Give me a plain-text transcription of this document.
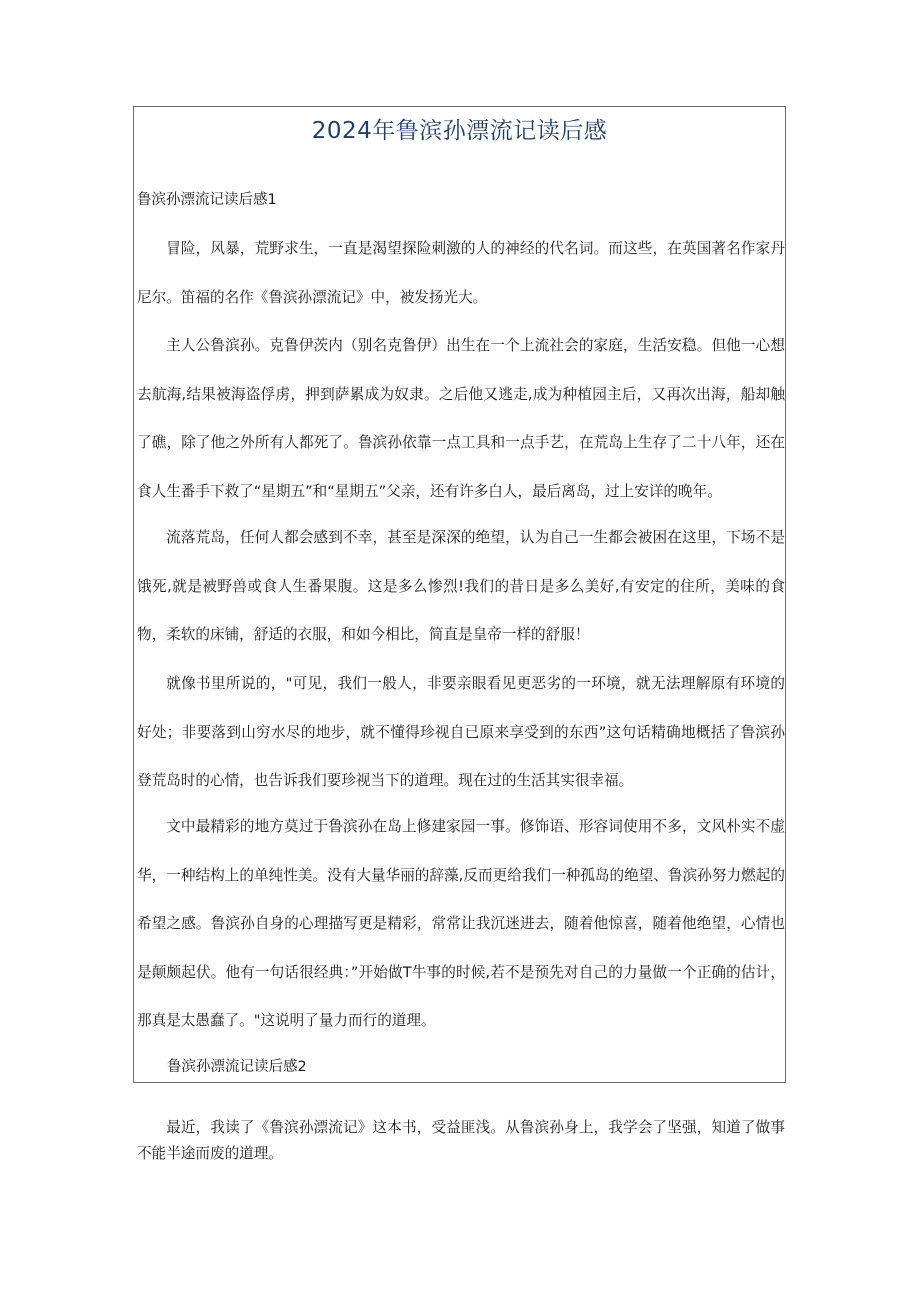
2024年鲁滨孙漂流记读后感
鲁滨孙漂流记读后感1

冒险，风暴，荒野求生，一直是渴望探险刺激的人的神经的代名词。而这些，在英国著名作家丹尼尔。笛福的名作《鲁滨孙漂流记》中，被发扬光大。

主人公鲁滨孙。克鲁伊茨内（别名克鲁伊）出生在一个上流社会的家庭，生活安稳。但他一心想去航海,结果被海盗俘虏，押到萨累成为奴隶。之后他又逃走,成为种植园主后，又再次出海，船却触了礁，除了他之外所有人都死了。鲁滨孙依靠一点工具和一点手艺，在荒岛上生存了二十八年，还在食人生番手下救了“星期五”和“星期五”父亲，还有许多白人，最后离岛，过上安详的晚年。

流落荒岛，任何人都会感到不幸，甚至是深深的绝望，认为自己一生都会被困在这里，下场不是饿死,就是被野兽或食人生番果腹。这是多么惨烈!我们的昔日是多么美好,有安定的住所，美味的食物，柔软的床铺，舒适的衣服，和如今相比，简直是皇帝一样的舒服！

就像书里所说的，"可见，我们一般人，非要亲眼看见更恶劣的一环境，就无法理解原有环境的好处；非要落到山穷水尽的地步，就不懂得珍视自已原来享受到的东西”这句话精确地概括了鲁滨孙登荒岛时的心情，也告诉我们要珍视当下的道理。现在过的生活其实很幸福。

文中最精彩的地方莫过于鲁滨孙在岛上修建家园一事。修饰语、形容词使用不多，文风朴实不虚华，一种结构上的单纯性美。没有大量华丽的辞藻,反而更给我们一种孤岛的绝望、鲁滨孙努力燃起的希望之感。鲁滨孙自身的心理描写更是精彩，常常让我沉迷进去，随着他惊喜，随着他绝望，心情也是颠颇起伏。他有一句话很经典：”开始做T牛事的时候,若不是预先对自己的力量做一个正确的估计，那真是太愚蠢了。"这说明了量力而行的道理。

鲁滨孙漂流记读后感2

最近，我读了《鲁滨孙漂流记》这本书，受益匪浅。从鲁滨孙身上，我学会了坚强，知道了做事不能半途而废的道理。
